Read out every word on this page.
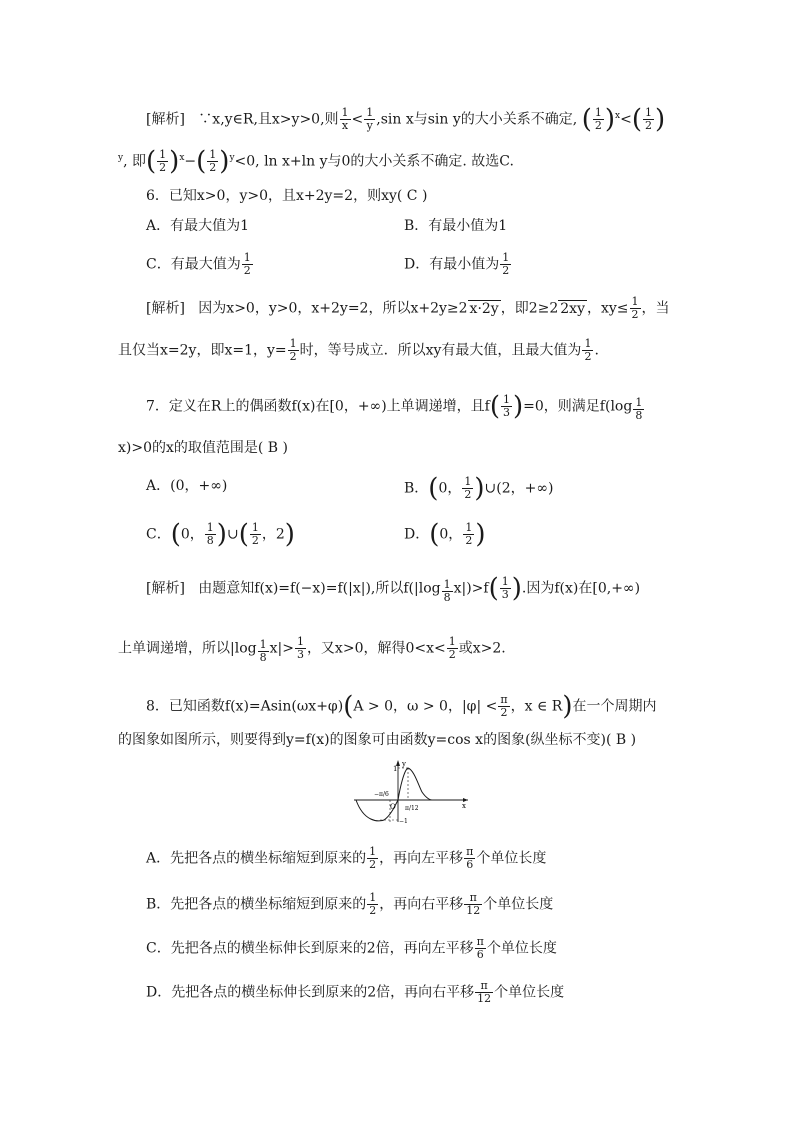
[解析] ∵x,y∈R,且x>y>0,则 $\frac{1}{x} < \frac{1}{y} ,\sin$ x与sin y的大小关系不确定, ( $\frac{1}{2} )^x<( \frac{1}{2}$ )
$^y$, 即( $\frac{1}{2} )^x-( \frac{1}{2} )^y<0$, ln x+ln y与0的大小关系不确定. 故选C.
6．已知x>0，y>0，且x+2y=2，则xy( C )
A．有最大值为1	B．有最小值为1
C．有最大值为 $\frac{1}{2}$	D．有最小值为 $\frac{1}{2}$
[解析] 因为x>0，y>0，x+2y=2，所以x+2y≥2 x·2y ，即2≥2 2xy ，$xy\le \frac{1}{2}$ ，当
且仅当x=2y，即x=1，$y= \frac{1}{2}$ 时，等号成立．所以xy有最大值，且最大值为 $\frac{1}{2}$ .
7．定义在R上的偶函数f(x)在[0，+∞)上单调递增，且$f( \frac{1}{3} )=0$，则满足$f(\log \frac{1}{8}$
x)>0的x的取值范围是( B )
A．(0，+∞)	B．(0， $\frac{1}{2}$ )∪(2，+∞)
C．(0， $\frac{1}{8}$ )∪( $\frac{1}{2}$ ，2)	D．(0， $\frac{1}{2}$ )
[解析] 由题意知f(x)=f(−x)=f(|x|),所以$f(|\log \frac{1}{8} x|)>f( \frac{1}{3}$ ).因为f(x)在[0,+∞)
上单调递增，所以$|\log \frac{1}{8} x|> \frac{1}{3}$ ，又x>0，解得$0<x< \frac{1}{2}$ 或x>2.
8．已知函数f(x)=Asin(ωx+φ)(A > 0，ω > 0，$|\varphi| < \frac{\pi}{2}$ ，x ∈ R)在一个周期内
的图象如图所示，则要得到y=f(x)的图象可由函数y=cos x的图象(纵坐标不变)( B )
y
x
O
1
−1
−π/6
π/12
A．先把各点的横坐标缩短到原来的 $\frac{1}{2}$ ，再向左平移 $\frac{\pi}{6}$ 个单位长度
B．先把各点的横坐标缩短到原来的 $\frac{1}{2}$ ，再向右平移 $\frac{\pi}{12}$ 个单位长度
C．先把各点的横坐标伸长到原来的2倍，再向左平移 $\frac{\pi}{6}$ 个单位长度
D．先把各点的横坐标伸长到原来的2倍，再向右平移 $\frac{\pi}{12}$ 个单位长度
